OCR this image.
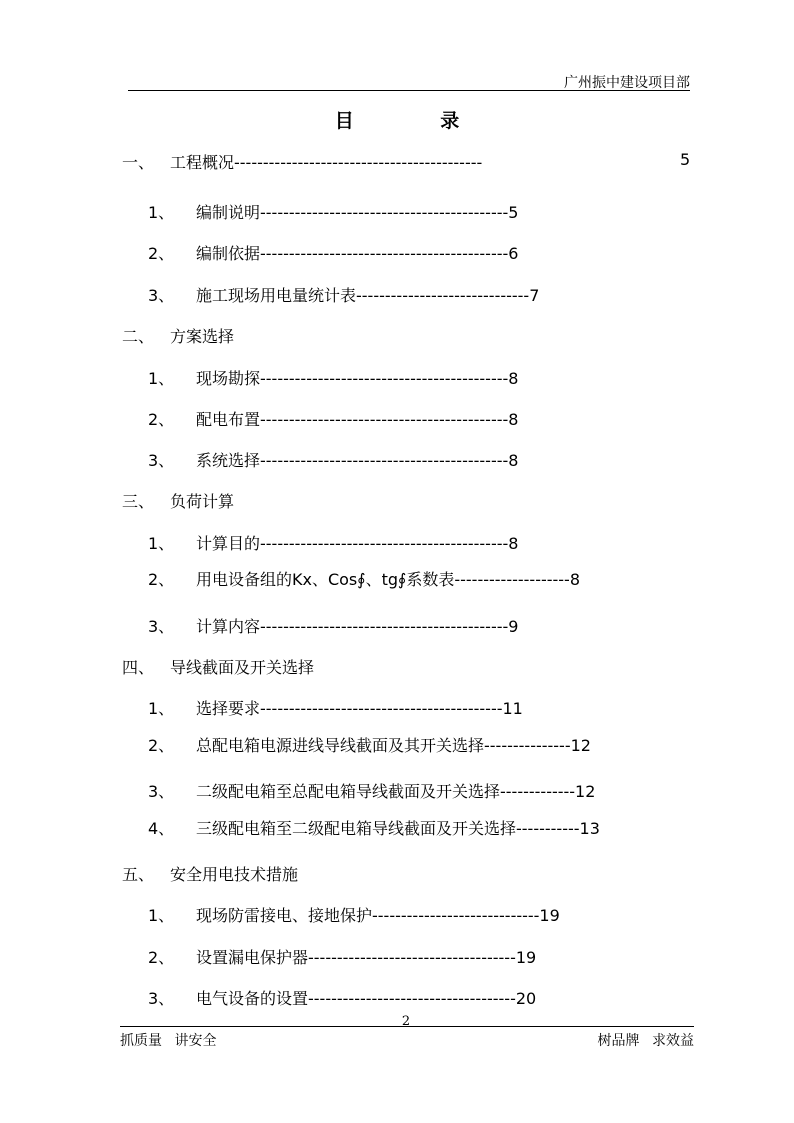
广州振中建设项目部
目 录
一、 工程概况-------------------------------------------	5
1、 编制说明-------------------------------------------5
2、 编制依据-------------------------------------------6
3、 施工现场用电量统计表------------------------------7
二、 方案选择
1、 现场勘探-------------------------------------------8
2、 配电布置-------------------------------------------8
3、 系统选择-------------------------------------------8
三、 负荷计算
1、 计算目的-------------------------------------------8
2、 用电设备组的Kx、Cos∮、tg∮系数表--------------------8
3、 计算内容-------------------------------------------9
四、 导线截面及开关选择
1、 选择要求------------------------------------------11
2、 总配电箱电源进线导线截面及其开关选择---------------12
3、 二级配电箱至总配电箱导线截面及开关选择-------------12
4、 三级配电箱至二级配电箱导线截面及开关选择-----------13
五、 安全用电技术措施
1、 现场防雷接电、接地保护-----------------------------19
2、 设置漏电保护器------------------------------------19
3、 电气设备的设置------------------------------------20
2
抓质量 讲安全	树品牌 求效益
